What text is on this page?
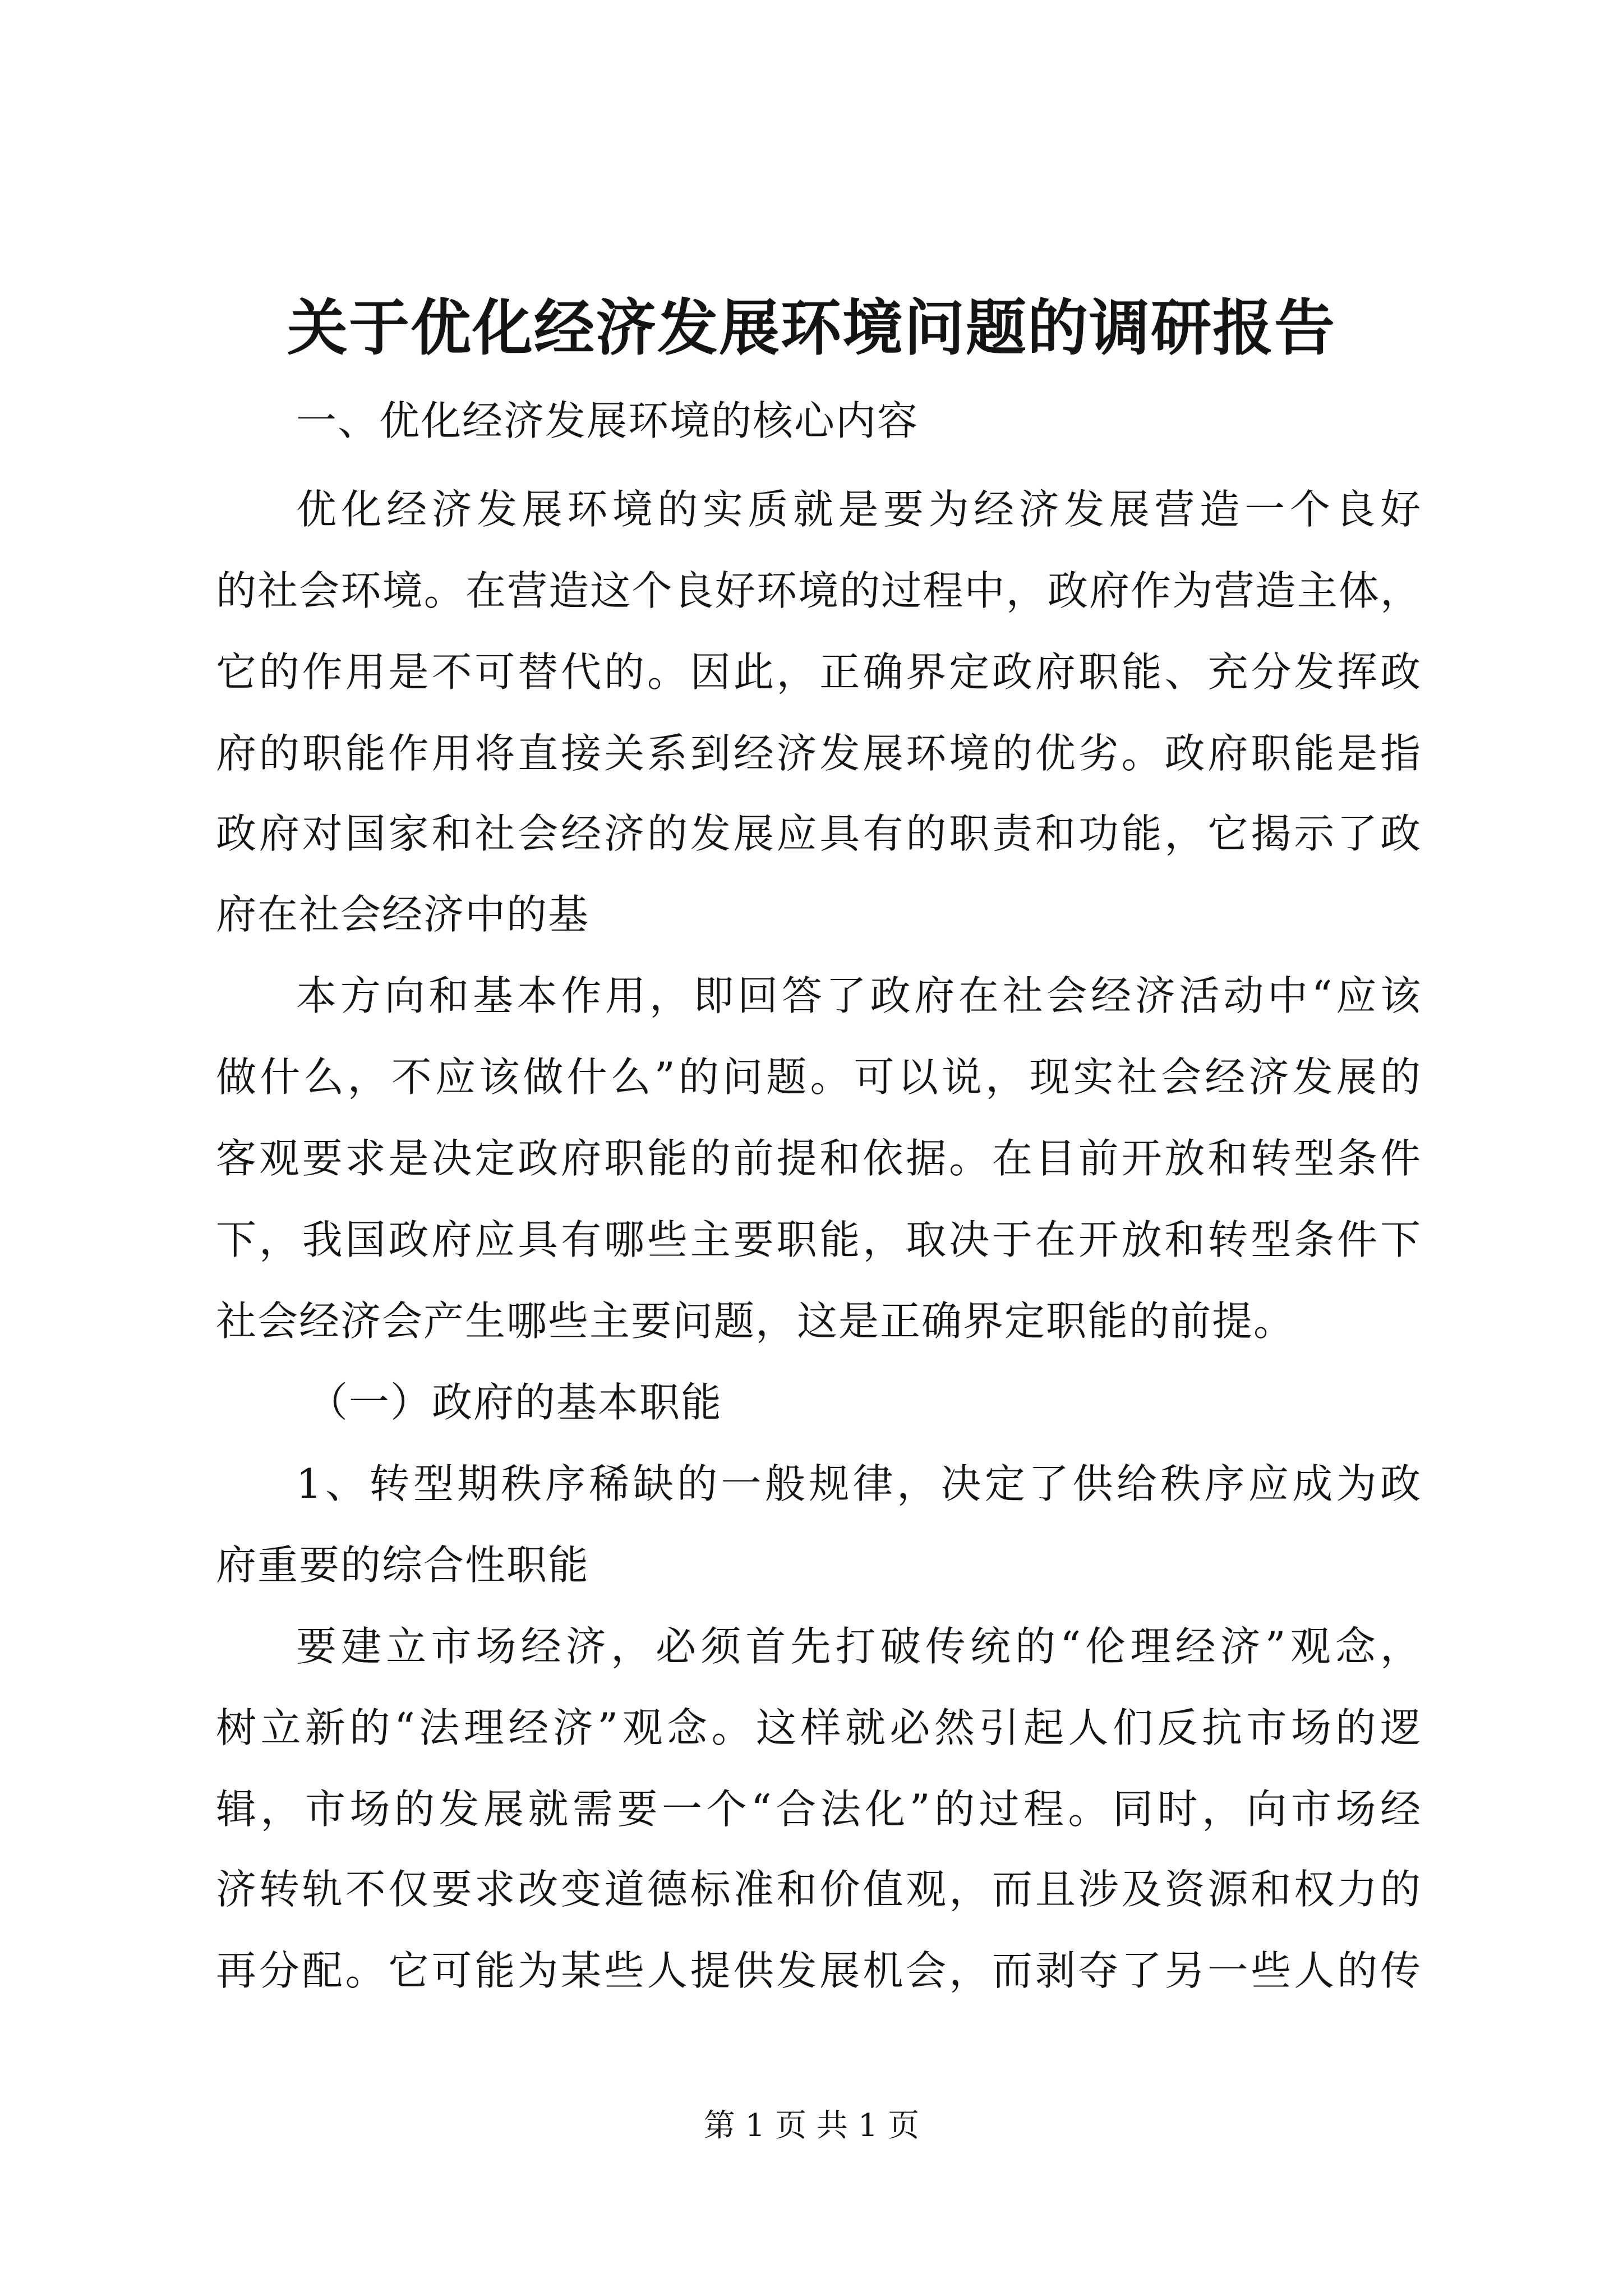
关于优化经济发展环境问题的调研报告
一、优化经济发展环境的核心内容
优化经济发展环境的实质就是要为经济发展营造一个良好
的社会环境。在营造这个良好环境的过程中，政府作为营造主体，
它的作用是不可替代的。因此，正确界定政府职能、充分发挥政
府的职能作用将直接关系到经济发展环境的优劣。政府职能是指
政府对国家和社会经济的发展应具有的职责和功能，它揭示了政
府在社会经济中的基
本方向和基本作用，即回答了政府在社会经济活动中“应该
做什么，不应该做什么”的问题。可以说，现实社会经济发展的
客观要求是决定政府职能的前提和依据。在目前开放和转型条件
下，我国政府应具有哪些主要职能，取决于在开放和转型条件下
社会经济会产生哪些主要问题，这是正确界定职能的前提。
（一）政府的基本职能
1、转型期秩序稀缺的一般规律，决定了供给秩序应成为政
府重要的综合性职能
要建立市场经济，必须首先打破传统的“伦理经济”观念，
树立新的“法理经济”观念。这样就必然引起人们反抗市场的逻
辑，市场的发展就需要一个“合法化”的过程。同时，向市场经
济转轨不仅要求改变道德标准和价值观，而且涉及资源和权力的
再分配。它可能为某些人提供发展机会，而剥夺了另一些人的传
第 1 页 共 1 页
